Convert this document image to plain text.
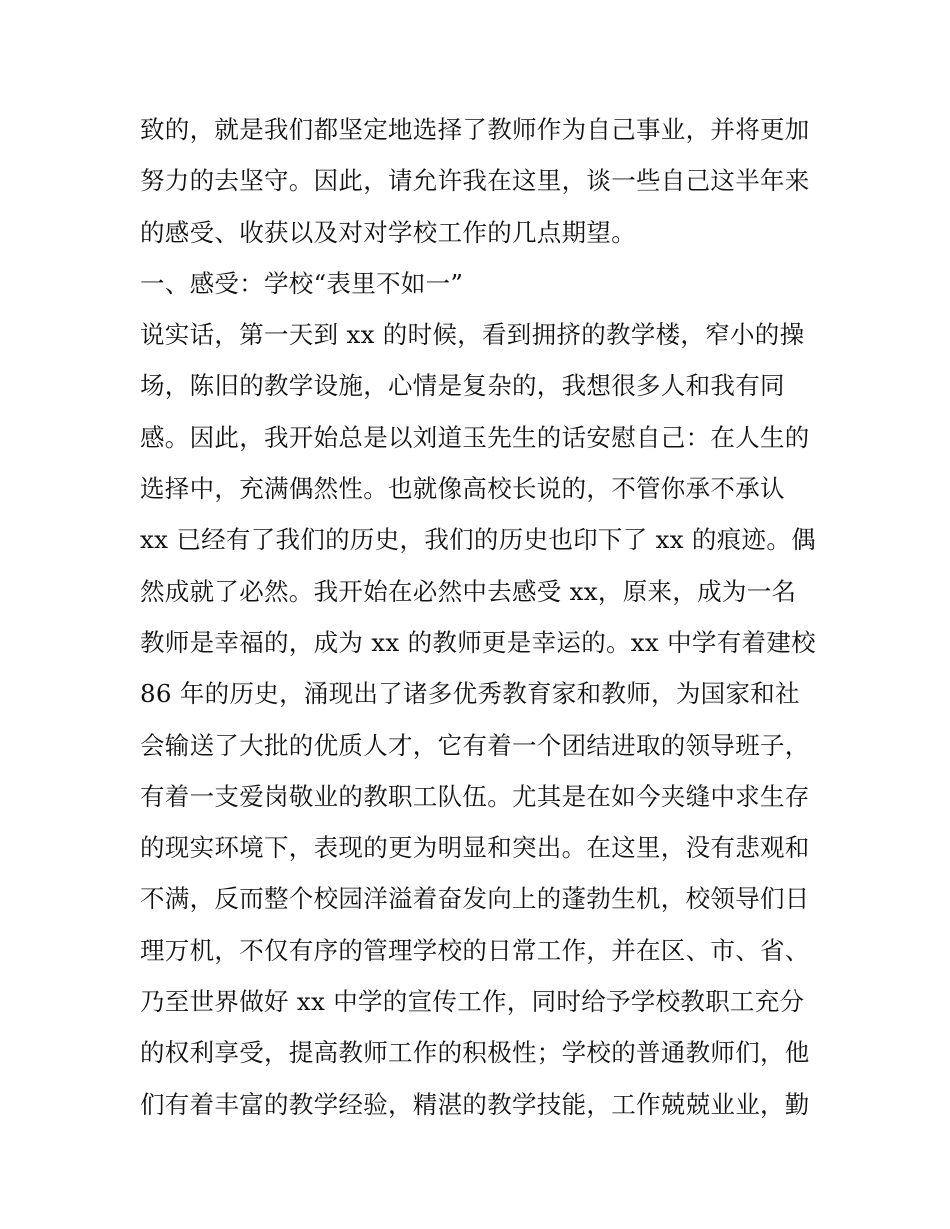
致的，就是我们都坚定地选择了教师作为自己事业，并将更加
努力的去坚守。因此，请允许我在这里，谈一些自己这半年来
的感受、收获以及对对学校工作的几点期望。
一、感受：学校“表里不如一”
说实话，第一天到 xx 的时候，看到拥挤的教学楼，窄小的操
场，陈旧的教学设施，心情是复杂的，我想很多人和我有同
感。因此，我开始总是以刘道玉先生的话安慰自己：在人生的
选择中，充满偶然性。也就像高校长说的，不管你承不承认
xx 已经有了我们的历史，我们的历史也印下了 xx 的痕迹。偶
然成就了必然。我开始在必然中去感受 xx，原来，成为一名
教师是幸福的，成为 xx 的教师更是幸运的。xx 中学有着建校
86 年的历史，涌现出了诸多优秀教育家和教师，为国家和社
会输送了大批的优质人才，它有着一个团结进取的领导班子，
有着一支爱岗敬业的教职工队伍。尤其是在如今夹缝中求生存
的现实环境下，表现的更为明显和突出。在这里，没有悲观和
不满，反而整个校园洋溢着奋发向上的蓬勃生机，校领导们日
理万机，不仅有序的管理学校的日常工作，并在区、市、省、
乃至世界做好 xx 中学的宣传工作，同时给予学校教职工充分
的权利享受，提高教师工作的积极性；学校的普通教师们，他
们有着丰富的教学经验，精湛的教学技能，工作兢兢业业，勤
